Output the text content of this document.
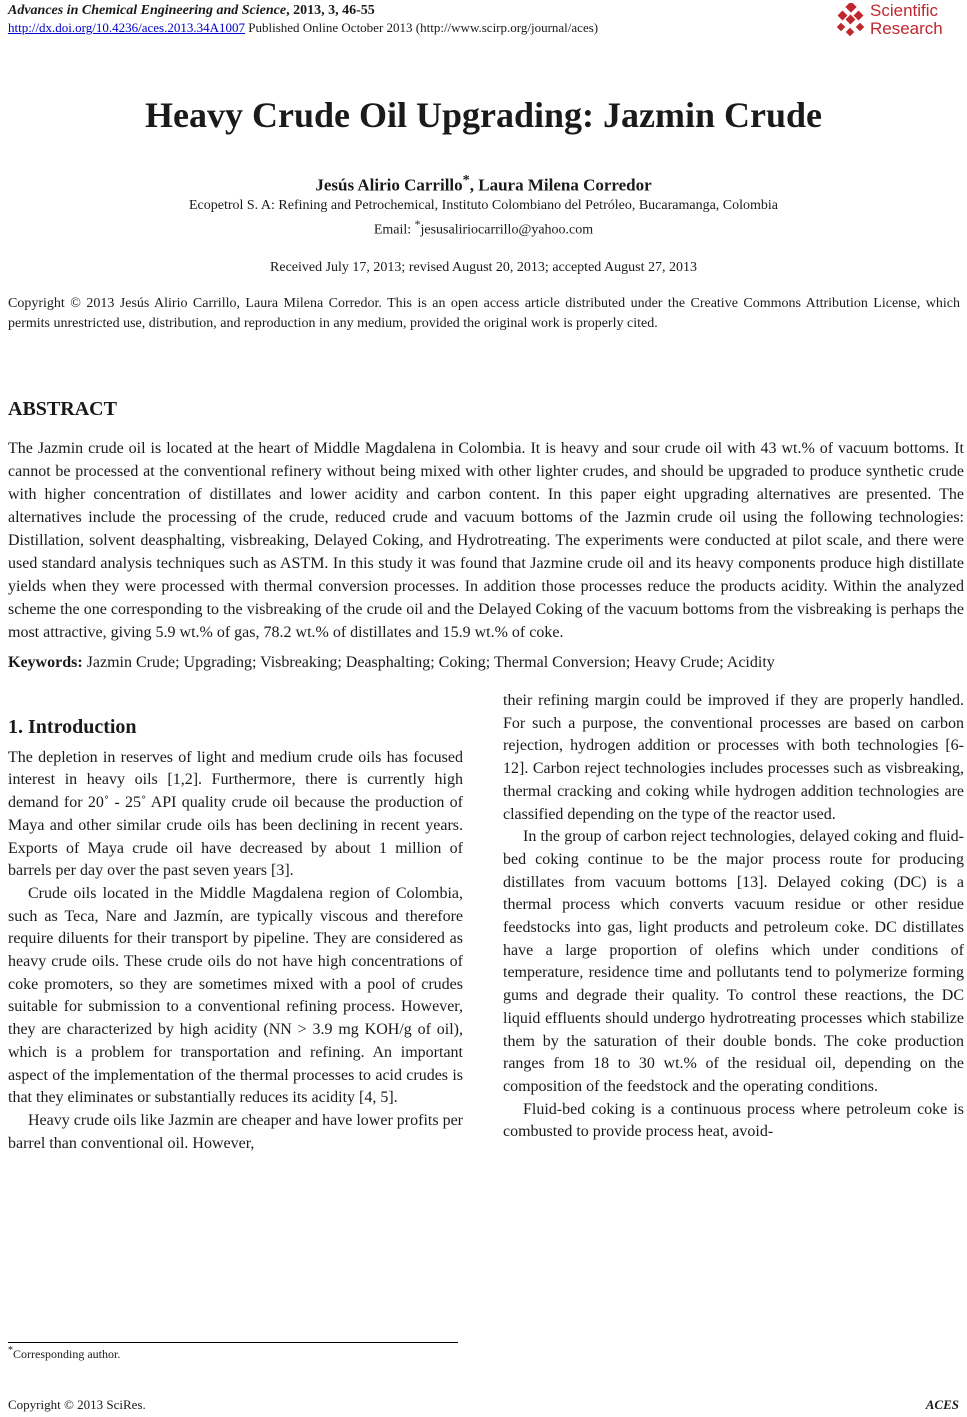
Advances in Chemical Engineering and Science, 2013, 3, 46-55
http://dx.doi.org/10.4236/aces.2013.34A1007 Published Online October 2013 (http://www.scirp.org/journal/aces)
Scientific
Research
Heavy Crude Oil Upgrading: Jazmin Crude
Jesús Alirio Carrillo*, Laura Milena Corredor
Ecopetrol S. A: Refining and Petrochemical, Instituto Colombiano del Petróleo, Bucaramanga, Colombia
Email: *jesusaliriocarrillo@yahoo.com
Received July 17, 2013; revised August 20, 2013; accepted August 27, 2013
Copyright © 2013 Jesús Alirio Carrillo, Laura Milena Corredor. This is an open access article distributed under the Creative Commons Attribution License, which permits unrestricted use, distribution, and reproduction in any medium, provided the original work is properly cited.
ABSTRACT
The Jazmin crude oil is located at the heart of Middle Magdalena in Colombia. It is heavy and sour crude oil with 43 wt.% of vacuum bottoms. It cannot be processed at the conventional refinery without being mixed with other lighter crudes, and should be upgraded to produce synthetic crude with higher concentration of distillates and lower acidity and carbon content. In this paper eight upgrading alternatives are presented. The alternatives include the processing of the crude, reduced crude and vacuum bottoms of the Jazmin crude oil using the following technologies: Distillation, solvent deasphalting, visbreaking, Delayed Coking, and Hydrotreating. The experiments were conducted at pilot scale, and there were used standard analysis techniques such as ASTM. In this study it was found that Jazmine crude oil and its heavy components produce high distillate yields when they were processed with thermal conversion processes. In addition those processes reduce the products acidity. Within the analyzed scheme the one corresponding to the visbreaking of the crude oil and the Delayed Coking of the vacuum bottoms from the visbreaking is perhaps the most attractive, giving 5.9 wt.% of gas, 78.2 wt.% of distillates and 15.9 wt.% of coke.
Keywords: Jazmin Crude; Upgrading; Visbreaking; Deasphalting; Coking; Thermal Conversion; Heavy Crude; Acidity
1. Introduction

The depletion in reserves of light and medium crude oils has focused interest in heavy oils [1,2]. Furthermore, there is currently high demand for 20˚ - 25˚ API quality crude oil because the production of Maya and other similar crude oils has been declining in recent years. Exports of Maya crude oil have decreased by about 1 million of barrels per day over the past seven years [3].

Crude oils located in the Middle Magdalena region of Colombia, such as Teca, Nare and Jazmín, are typically viscous and therefore require diluents for their transport by pipeline. They are considered as heavy crude oils. These crude oils do not have high concentrations of coke promoters, so they are sometimes mixed with a pool of crudes suitable for submission to a conventional refining process. However, they are characterized by high acidity (NN > 3.9 mg KOH/g of oil), which is a problem for transportation and refining. An important aspect of the implementation of the thermal processes to acid crudes is that they eliminates or substantially reduces its acidity [4, 5].

Heavy crude oils like Jazmin are cheaper and have lower profits per barrel than conventional oil. However,

their refining margin could be improved if they are properly handled. For such a purpose, the conventional processes are based on carbon rejection, hydrogen addition or processes with both technologies [6-12]. Carbon reject technologies includes processes such as visbreaking, thermal cracking and coking while hydrogen addition technologies are classified depending on the type of the reactor used.

In the group of carbon reject technologies, delayed coking and fluid-bed coking continue to be the major process route for producing distillates from vacuum bottoms [13]. Delayed coking (DC) is a thermal process which converts vacuum residue or other residue feedstocks into gas, light products and petroleum coke. DC distillates have a large proportion of olefins which under conditions of temperature, residence time and pollutants tend to polymerize forming gums and degrade their quality. To control these reactions, the DC liquid effluents should undergo hydrotreating processes which stabilize them by the saturation of their double bonds. The coke production ranges from 18 to 30 wt.% of the residual oil, depending on the composition of the feedstock and the operating conditions.

Fluid-bed coking is a continuous process where petroleum coke is combusted to provide process heat, avoid-

*Corresponding author.
Copyright © 2013 SciRes.	ACES
